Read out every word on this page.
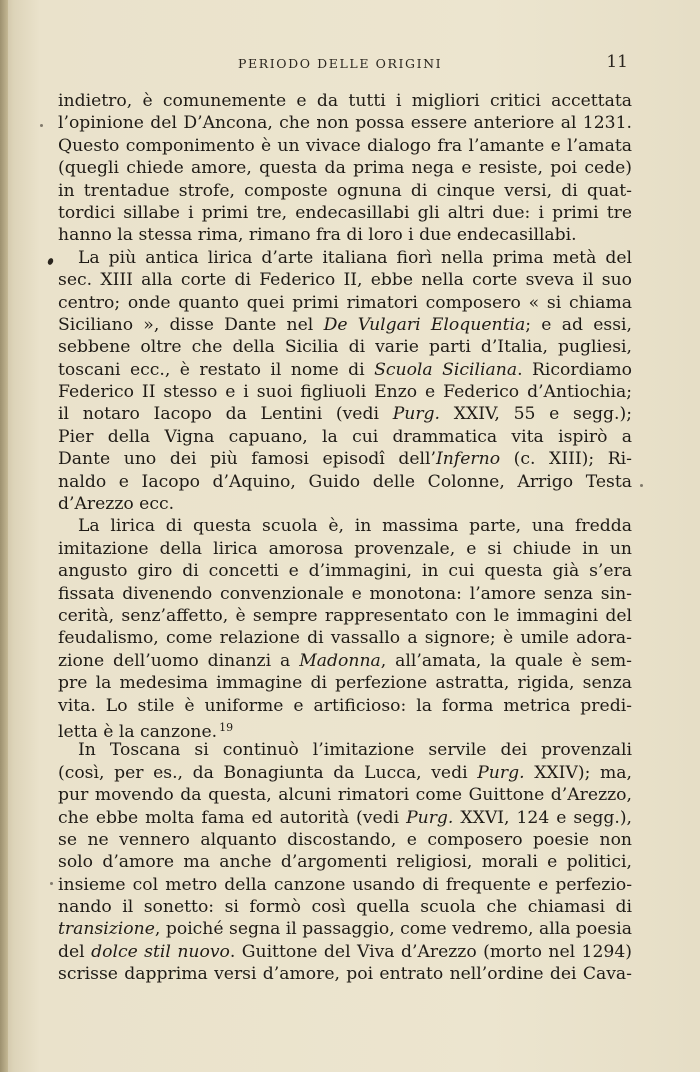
PERIODO DELLE ORIGINI	11
indietro, è comunemente e da tutti i migliori critici accettata
l’opinione del D’Ancona, che non possa essere anteriore al 1231.
Questo componimento è un vivace dialogo fra l’amante e l’amata
(quegli chiede amore, questa da prima nega e resiste, poi cede)
in trentadue strofe, composte ognuna di cinque versi, di quat-
tordici sillabe i primi tre, endecasillabi gli altri due: i primi tre
hanno la stessa rima, rimano fra di loro i due endecasillabi.
La più antica lirica d’arte italiana fiorì nella prima metà del
sec. XIII alla corte di Federico II, ebbe nella corte sveva il suo
centro; onde quanto quei primi rimatori composero « si chiama
Siciliano », disse Dante nel De Vulgari Eloquentia; e ad essi,
sebbene oltre che della Sicilia di varie parti d’Italia, pugliesi,
toscani ecc., è restato il nome di Scuola Siciliana. Ricordiamo
Federico II stesso e i suoi figliuoli Enzo e Federico d’Antiochia;
il notaro Iacopo da Lentini (vedi Purg. XXIV, 55 e segg.);
Pier della Vigna capuano, la cui drammatica vita ispirò a
Dante uno dei più famosi episodî dell’Inferno (c. XIII); Ri-
naldo e Iacopo d’Aquino, Guido delle Colonne, Arrigo Testa
d’Arezzo ecc.
La lirica di questa scuola è, in massima parte, una fredda
imitazione della lirica amorosa provenzale, e si chiude in un
angusto giro di concetti e d’immagini, in cui questa già s’era
fissata divenendo convenzionale e monotona: l’amore senza sin-
cerità, senz’affetto, è sempre rappresentato con le immagini del
feudalismo, come relazione di vassallo a signore; è umile adora-
zione dell’uomo dinanzi a Madonna, all’amata, la quale è sem-
pre la medesima immagine di perfezione astratta, rigida, senza
vita. Lo stile è uniforme e artificioso: la forma metrica predi-
letta è la canzone. $^{19}$
In Toscana si continuò l’imitazione servile dei provenzali
(così, per es., da Bonagiunta da Lucca, vedi Purg. XXIV); ma,
pur movendo da questa, alcuni rimatori come Guittone d’Arezzo,
che ebbe molta fama ed autorità (vedi Purg. XXVI, 124 e segg.),
se ne vennero alquanto discostando, e composero poesie non
solo d’amore ma anche d’argomenti religiosi, morali e politici,
insieme col metro della canzone usando di frequente e perfezio-
nando il sonetto: si formò così quella scuola che chiamasi di
transizione, poiché segna il passaggio, come vedremo, alla poesia
del dolce stil nuovo. Guittone del Viva d’Arezzo (morto nel 1294)
scrisse dapprima versi d’amore, poi entrato nell’ordine dei Cava-
